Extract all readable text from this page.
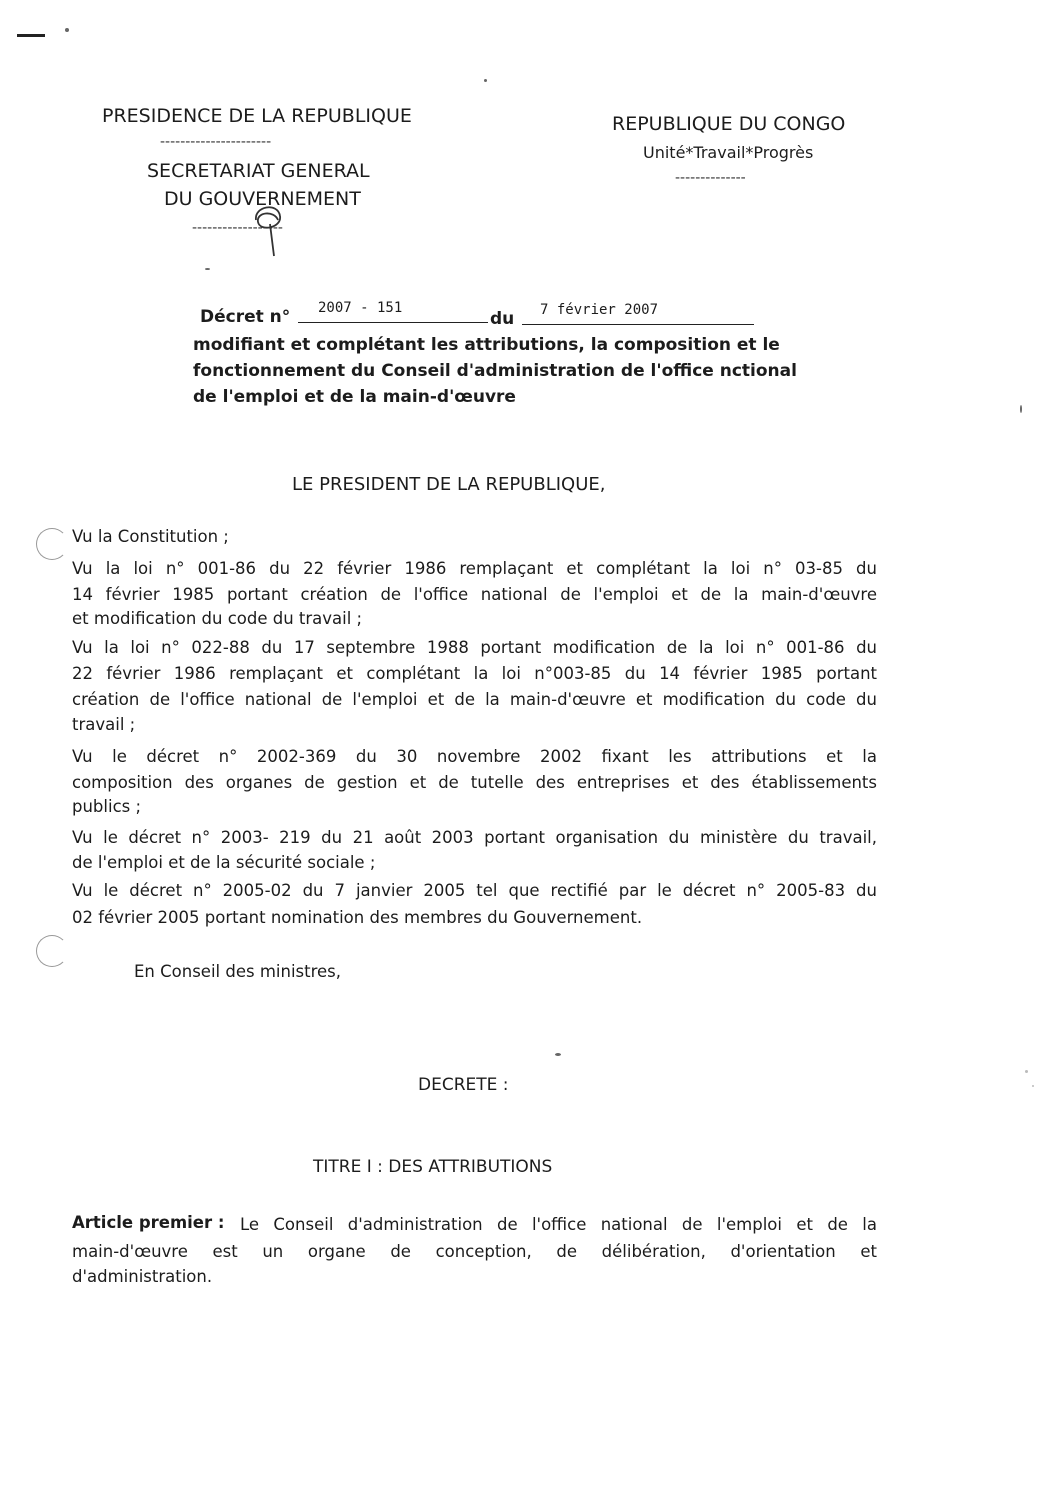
PRESIDENCE DE LA REPUBLIQUE
----------------------
SECRETARIAT GENERAL
DU GOUVERNEMENT
------------------
REPUBLIQUE DU CONGO
Unité*Travail*Progrès
--------------
Décret n° 2007 - 151
du 7 février 2007
modifiant et complétant les attributions, la composition et le
fonctionnement du Conseil d'administration de l'office nctional
de l'emploi et de la main-d'œuvre
LE PRESIDENT DE LA REPUBLIQUE,
Vu la Constitution ;
Vu la loi n° 001-86 du 22 février 1986 remplaçant et complétant la loi n° 03-85 du
14 février 1985 portant création de l'office national de l'emploi et de la main-d'œuvre
et modification du code du travail ;
Vu la loi n° 022-88 du 17 septembre 1988 portant modification de la loi n° 001-86 du
22 février 1986 remplaçant et complétant la loi n°003-85 du 14 février 1985 portant
création de l'office national de l'emploi et de la main-d'œuvre et modification du code du
travail ;
Vu le décret n° 2002-369 du 30 novembre 2002 fixant les attributions et la
composition des organes de gestion et de tutelle des entreprises et des établissements
publics ;
Vu le décret n° 2003- 219 du 21 août 2003 portant organisation du ministère du travail,
de l'emploi et de la sécurité sociale ;
Vu le décret n° 2005-02 du 7 janvier 2005 tel que rectifié par le décret n° 2005-83 du
02 février 2005 portant nomination des membres du Gouvernement.
En Conseil des ministres,
DECRETE :
TITRE I : DES ATTRIBUTIONS
Article premier : Le Conseil d'administration de l'office national de l'emploi et de la
main-d'œuvre est un organe de conception, de délibération, d'orientation et
d'administration.
